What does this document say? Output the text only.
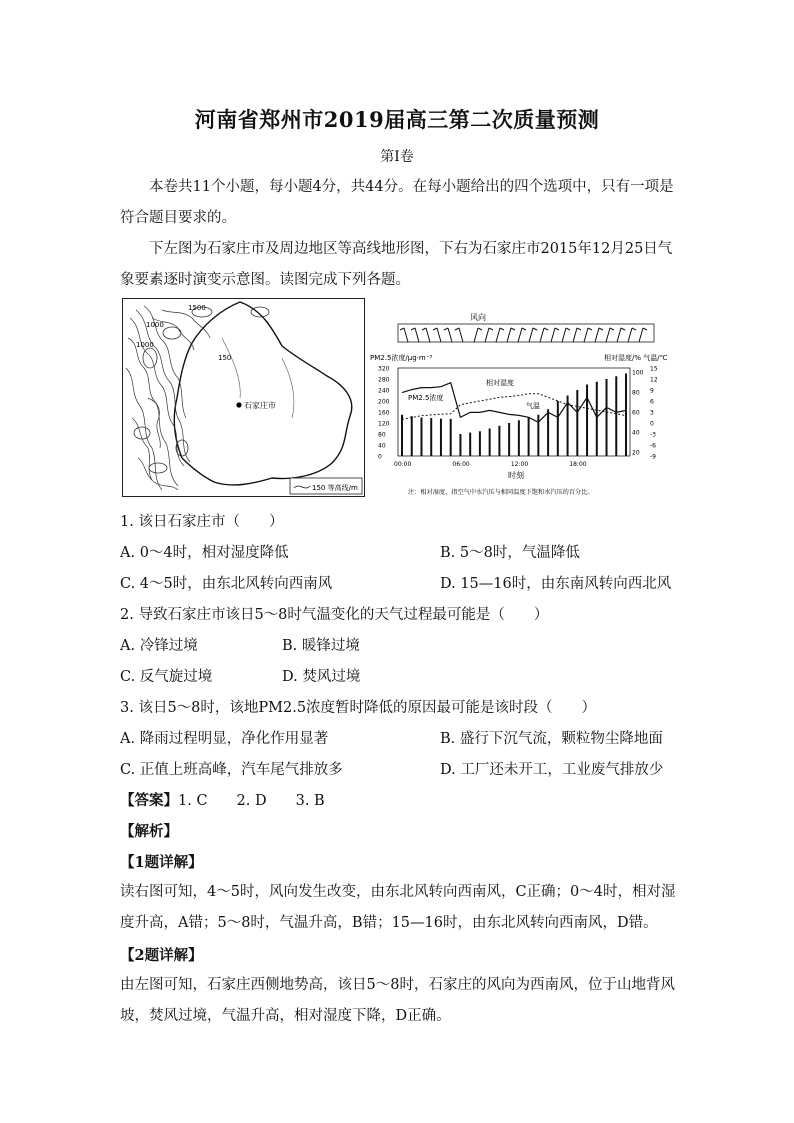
河南省郑州市2019届高三第二次质量预测
第Ⅰ卷
本卷共11个小题，每小题4分，共44分。在每小题给出的四个选项中，只有一项是符合题目要求的。
下左图为石家庄市及周边地区等高线地形图，下右为石家庄市2015年12月25日气象要素逐时演变示意图。读图完成下列各题。
1000
1000
1500
150
石家庄市
150 等高线/m
风向
PM2.5浓度/μg·m⁻³	相对湿度/% 气温/℃
320
280
240
200
160
120
80
40
0
100
80
60
40
20
15
12
9
6
3
0
-3
-6
-9
00:00	06:00	12:00	18:00
相对湿度
PM2.5浓度
气温
时刻
注：相对湿度，指空气中水汽压与相同温度下饱和水汽压的百分比。
1. 该日石家庄市（　　）
A. 0～4时，相对湿度降低	B. 5～8时，气温降低
C. 4～5时，由东北风转向西南风	D. 15—16时，由东南风转向西北风
2. 导致石家庄市该日5～8时气温变化的天气过程最可能是（　　）
A. 冷锋过境	B. 暖锋过境
C. 反气旋过境	D. 焚风过境
3. 该日5～8时，该地PM2.5浓度暂时降低的原因最可能是该时段（　　）
A. 降雨过程明显，净化作用显著	B. 盛行下沉气流，颗粒物尘降地面
C. 正值上班高峰，汽车尾气排放多	D. 工厂还未开工，工业废气排放少
【答案】1. C　　2. D　　3. B
【解析】
【1题详解】
读右图可知，4～5时，风向发生改变，由东北风转向西南风，C正确；0～4时，相对湿度升高，A错；5～8时，气温升高，B错；15—16时，由东北风转向西南风，D错。
【2题详解】
由左图可知，石家庄西侧地势高，该日5～8时，石家庄的风向为西南风，位于山地背风坡，焚风过境，气温升高，相对湿度下降，D正确。
